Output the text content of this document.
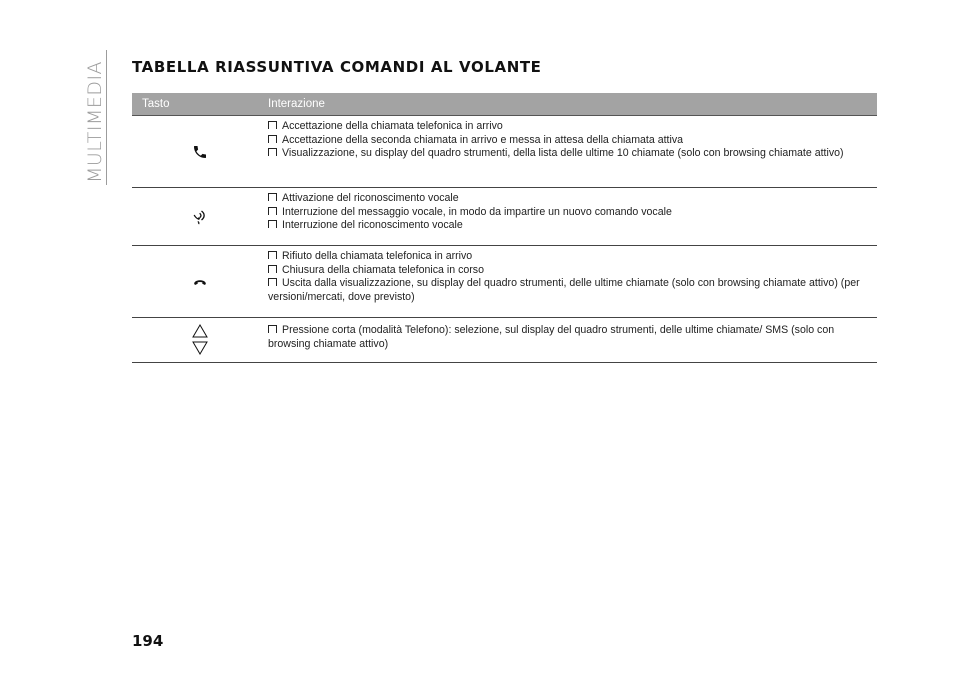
MULTIMEDIA TABELLA RIASSUNTIVA COMANDI AL VOLANTE
Tasto	Interazione

Accettazione della chiamata telefonica in arrivo

Accettazione della seconda chiamata in arrivo e messa in attesa della chiamata attiva

Visualizzazione, su display del quadro strumenti, della lista delle ultime 10 chiamate (solo con browsing chiamate attivo)

Attivazione del riconoscimento vocale

Interruzione del messaggio vocale, in modo da impartire un nuovo comando vocale

Interruzione del riconoscimento vocale

Rifiuto della chiamata telefonica in arrivo

Chiusura della chiamata telefonica in corso

Uscita dalla visualizzazione, su display del quadro strumenti, delle ultime chiamate (solo con browsing chiamate attivo) (per versioni/mercati, dove previsto)

Pressione corta (modalità Telefono): selezione, sul display del quadro strumenti, delle ultime chiamate/ SMS (solo con browsing chiamate attivo)

194
